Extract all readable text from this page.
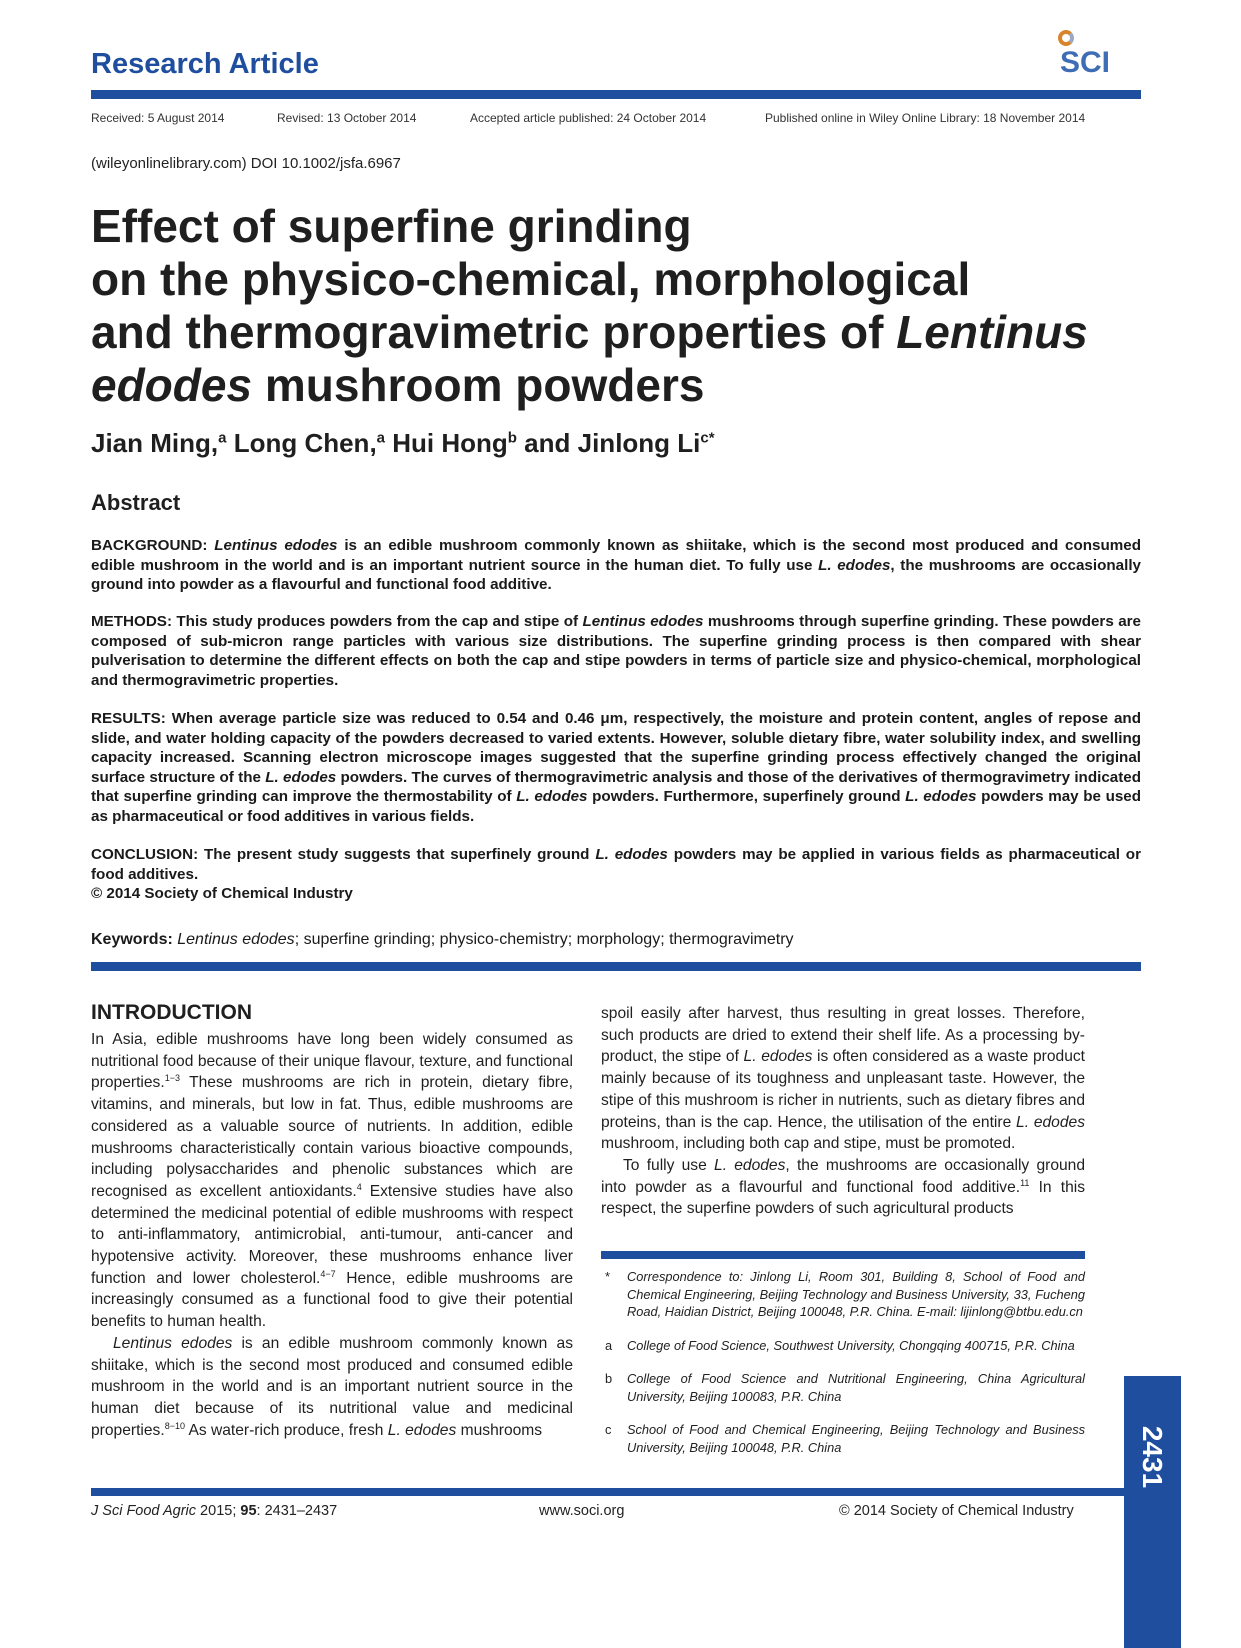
Research Article	SCI
Received: 5 August 2014	Revised: 13 October 2014	Accepted article published: 24 October 2014	Published online in Wiley Online Library: 18 November 2014
(wileyonlinelibrary.com) DOI 10.1002/jsfa.6967
Effect of superfine grinding
on the physico-chemical, morphological
and thermogravimetric properties of Lentinus
edodes mushroom powders
Jian Ming,$^a$ Long Chen,$^a$ Hui Hong$^b$ and Jinlong $Li^{c*}$
Abstract
BACKGROUND: Lentinus edodes is an edible mushroom commonly known as shiitake, which is the second most produced and consumed edible mushroom in the world and is an important nutrient source in the human diet. To fully use L. edodes, the mushrooms are occasionally ground into powder as a flavourful and functional food additive.
METHODS: This study produces powders from the cap and stipe of Lentinus edodes mushrooms through superfine grinding. These powders are composed of sub-micron range particles with various size distributions. The superfine grinding process is then compared with shear pulverisation to determine the different effects on both the cap and stipe powders in terms of particle size and physico-chemical, morphological and thermogravimetric properties.
RESULTS: When average particle size was reduced to 0.54 and 0.46 μm, respectively, the moisture and protein content, angles of repose and slide, and water holding capacity of the powders decreased to varied extents. However, soluble dietary fibre, water solubility index, and swelling capacity increased. Scanning electron microscope images suggested that the superfine grinding process effectively changed the original surface structure of the L. edodes powders. The curves of thermogravimetric analysis and those of the derivatives of thermogravimetry indicated that superfine grinding can improve the thermostability of L. edodes powders. Furthermore, superfinely ground L. edodes powders may be used as pharmaceutical or food additives in various fields.
CONCLUSION: The present study suggests that superfinely ground L. edodes powders may be applied in various fields as pharmaceutical or food additives.
© 2014 Society of Chemical Industry
Keywords: Lentinus edodes; superfine grinding; physico-chemistry; morphology; thermogravimetry
INTRODUCTION

In Asia, edible mushrooms have long been widely consumed as nutritional food because of their unique flavour, texture, and functional properties.$^{1-3}$ These mushrooms are rich in protein, dietary fibre, vitamins, and minerals, but low in fat. Thus, edible mushrooms are considered as a valuable source of nutrients. In addition, edible mushrooms characteristically contain various bioactive compounds, including polysaccharides and phenolic substances which are recognised as excellent antioxidants.$^4$ Extensive studies have also determined the medicinal potential of edible mushrooms with respect to anti-inflammatory, antimicrobial, anti-tumour, anti-cancer and hypotensive activity. Moreover, these mushrooms enhance liver function and lower cholesterol.$^{4-7}$ Hence, edible mushrooms are increasingly consumed as a functional food to give their potential benefits to human health.

Lentinus edodes is an edible mushroom commonly known as shiitake, which is the second most produced and consumed edible mushroom in the world and is an important nutrient source in the human diet because of its nutritional value and medicinal properties.$^{8-10}$ As water-rich produce, fresh L. edodes mushrooms

spoil easily after harvest, thus resulting in great losses. Therefore, such products are dried to extend their shelf life. As a processing by-product, the stipe of L. edodes is often considered as a waste product mainly because of its toughness and unpleasant taste. However, the stipe of this mushroom is richer in nutrients, such as dietary fibres and proteins, than is the cap. Hence, the utilisation of the entire L. edodes mushroom, including both cap and stipe, must be promoted.

To fully use L. edodes, the mushrooms are occasionally ground into powder as a flavourful and functional food additive.$^{11}$ In this respect, the superfine powders of such agricultural products

*	Correspondence to: Jinlong Li, Room 301, Building 8, School of Food and Chemical Engineering, Beijing Technology and Business University, 33, Fucheng Road, Haidian District, Beijing 100048, P.R. China. E-mail: lijinlong@btbu.edu.cn
a	College of Food Science, Southwest University, Chongqing 400715, P.R. China
b	College of Food Science and Nutritional Engineering, China Agricultural University, Beijing 100083, P.R. China
c	School of Food and Chemical Engineering, Beijing Technology and Business University, Beijing 100048, P.R. China
J Sci Food Agric 2015; 95: 2431–2437	www.soci.org	© 2014 Society of Chemical Industry
2431
